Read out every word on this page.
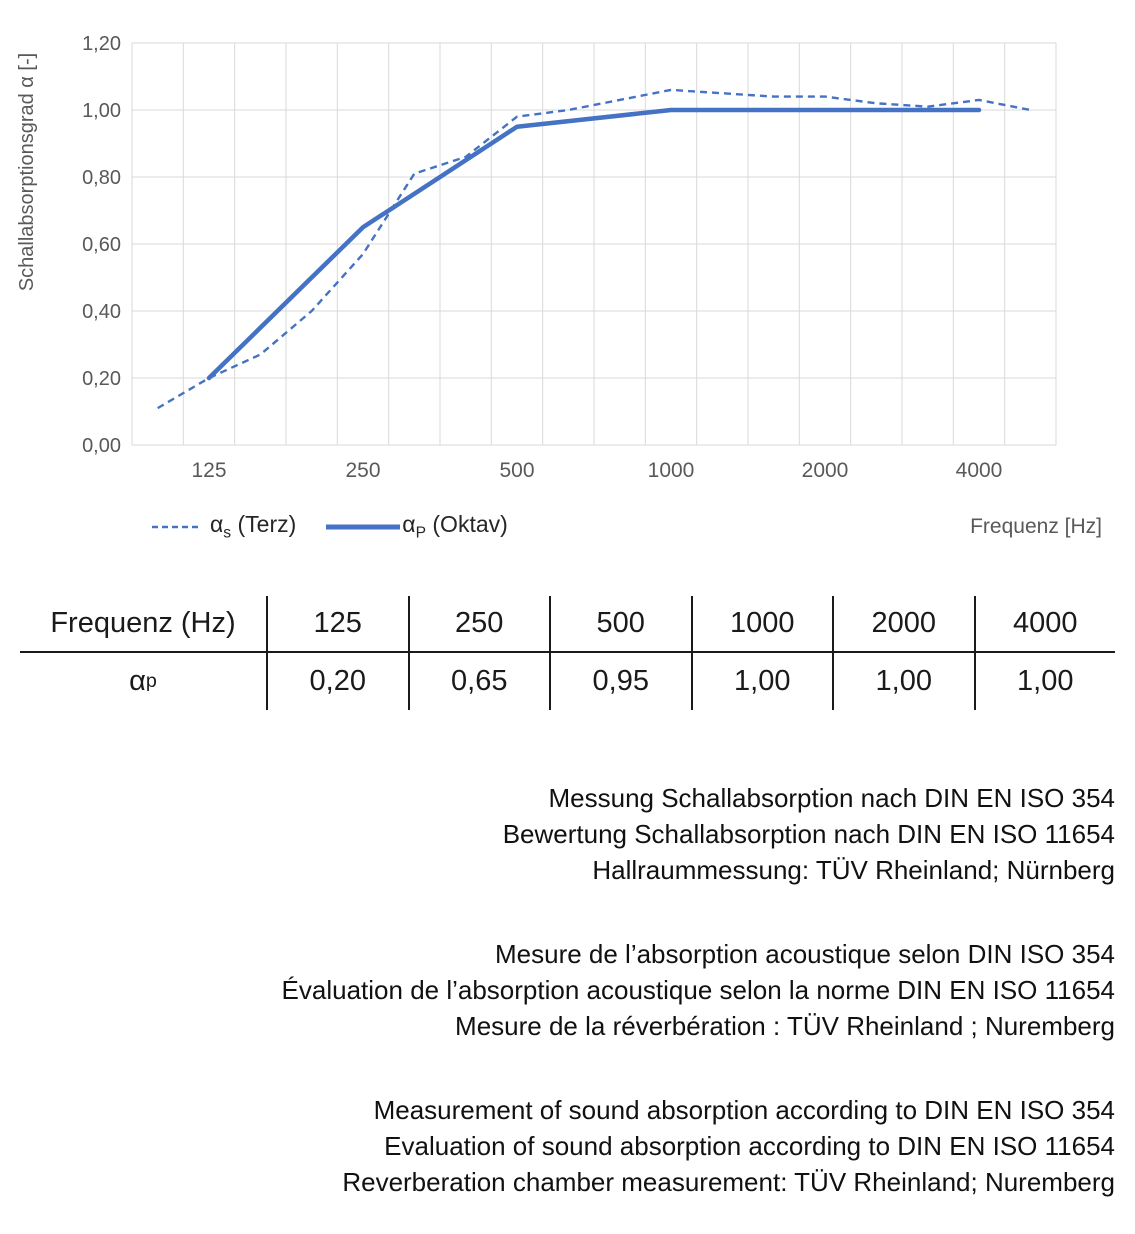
0,00
0,20
0,40
0,60
0,80
1,00
1,20
125	250	500	1000	2000	4000
Schallabsorptionsgrad α [-]
$\alpha_s$ (Terz)	$\alpha_P$ (Oktav)	Frequenz [Hz]
Frequenz (Hz)	125	250	500	1000	2000	4000
α p	0,20	0,65	0,95	1,00	1,00	1,00
Messung Schallabsorption nach DIN EN ISO 354
Bewertung Schallabsorption nach DIN EN ISO 11654
Hallraummessung: TÜV Rheinland; Nürnberg
Mesure de l’absorption acoustique selon DIN ISO 354
Évaluation de l’absorption acoustique selon la norme DIN EN ISO 11654
Mesure de la réverbération : TÜV Rheinland ; Nuremberg
Measurement of sound absorption according to DIN EN ISO 354
Evaluation of sound absorption according to DIN EN ISO 11654
Reverberation chamber measurement: TÜV Rheinland; Nuremberg
